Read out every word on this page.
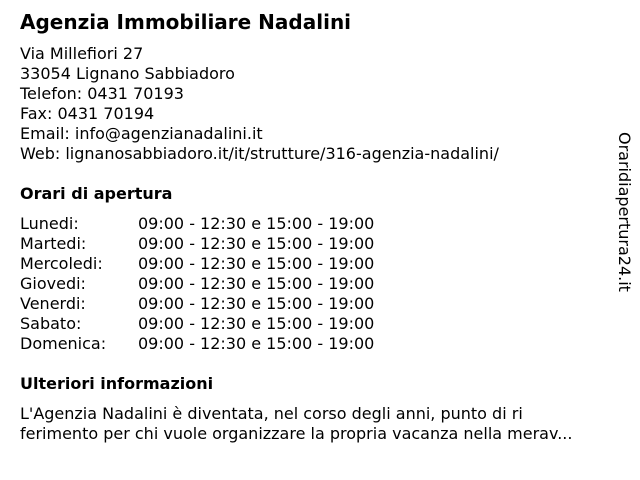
Agenzia Immobiliare Nadalini
Via Millefiori 27
33054 Lignano Sabbiadoro
Telefon: 0431 70193
Fax: 0431 70194
Email: info@agenzianadalini.it
Web: lignanosabbiadoro.it/it/strutture/316-agenzia-nadalini/
Orari di apertura
Lunedi:	09:00 - 12:30 e 15:00 - 19:00
Martedi:	09:00 - 12:30 e 15:00 - 19:00
Mercoledi:	09:00 - 12:30 e 15:00 - 19:00
Giovedi:	09:00 - 12:30 e 15:00 - 19:00
Venerdi:	09:00 - 12:30 e 15:00 - 19:00
Sabato:	09:00 - 12:30 e 15:00 - 19:00
Domenica:	09:00 - 12:30 e 15:00 - 19:00
Ulteriori informazioni
L'Agenzia Nadalini è diventata, nel corso degli anni, punto di ri
ferimento per chi vuole organizzare la propria vacanza nella merav...
Oraridiapertura24.it
